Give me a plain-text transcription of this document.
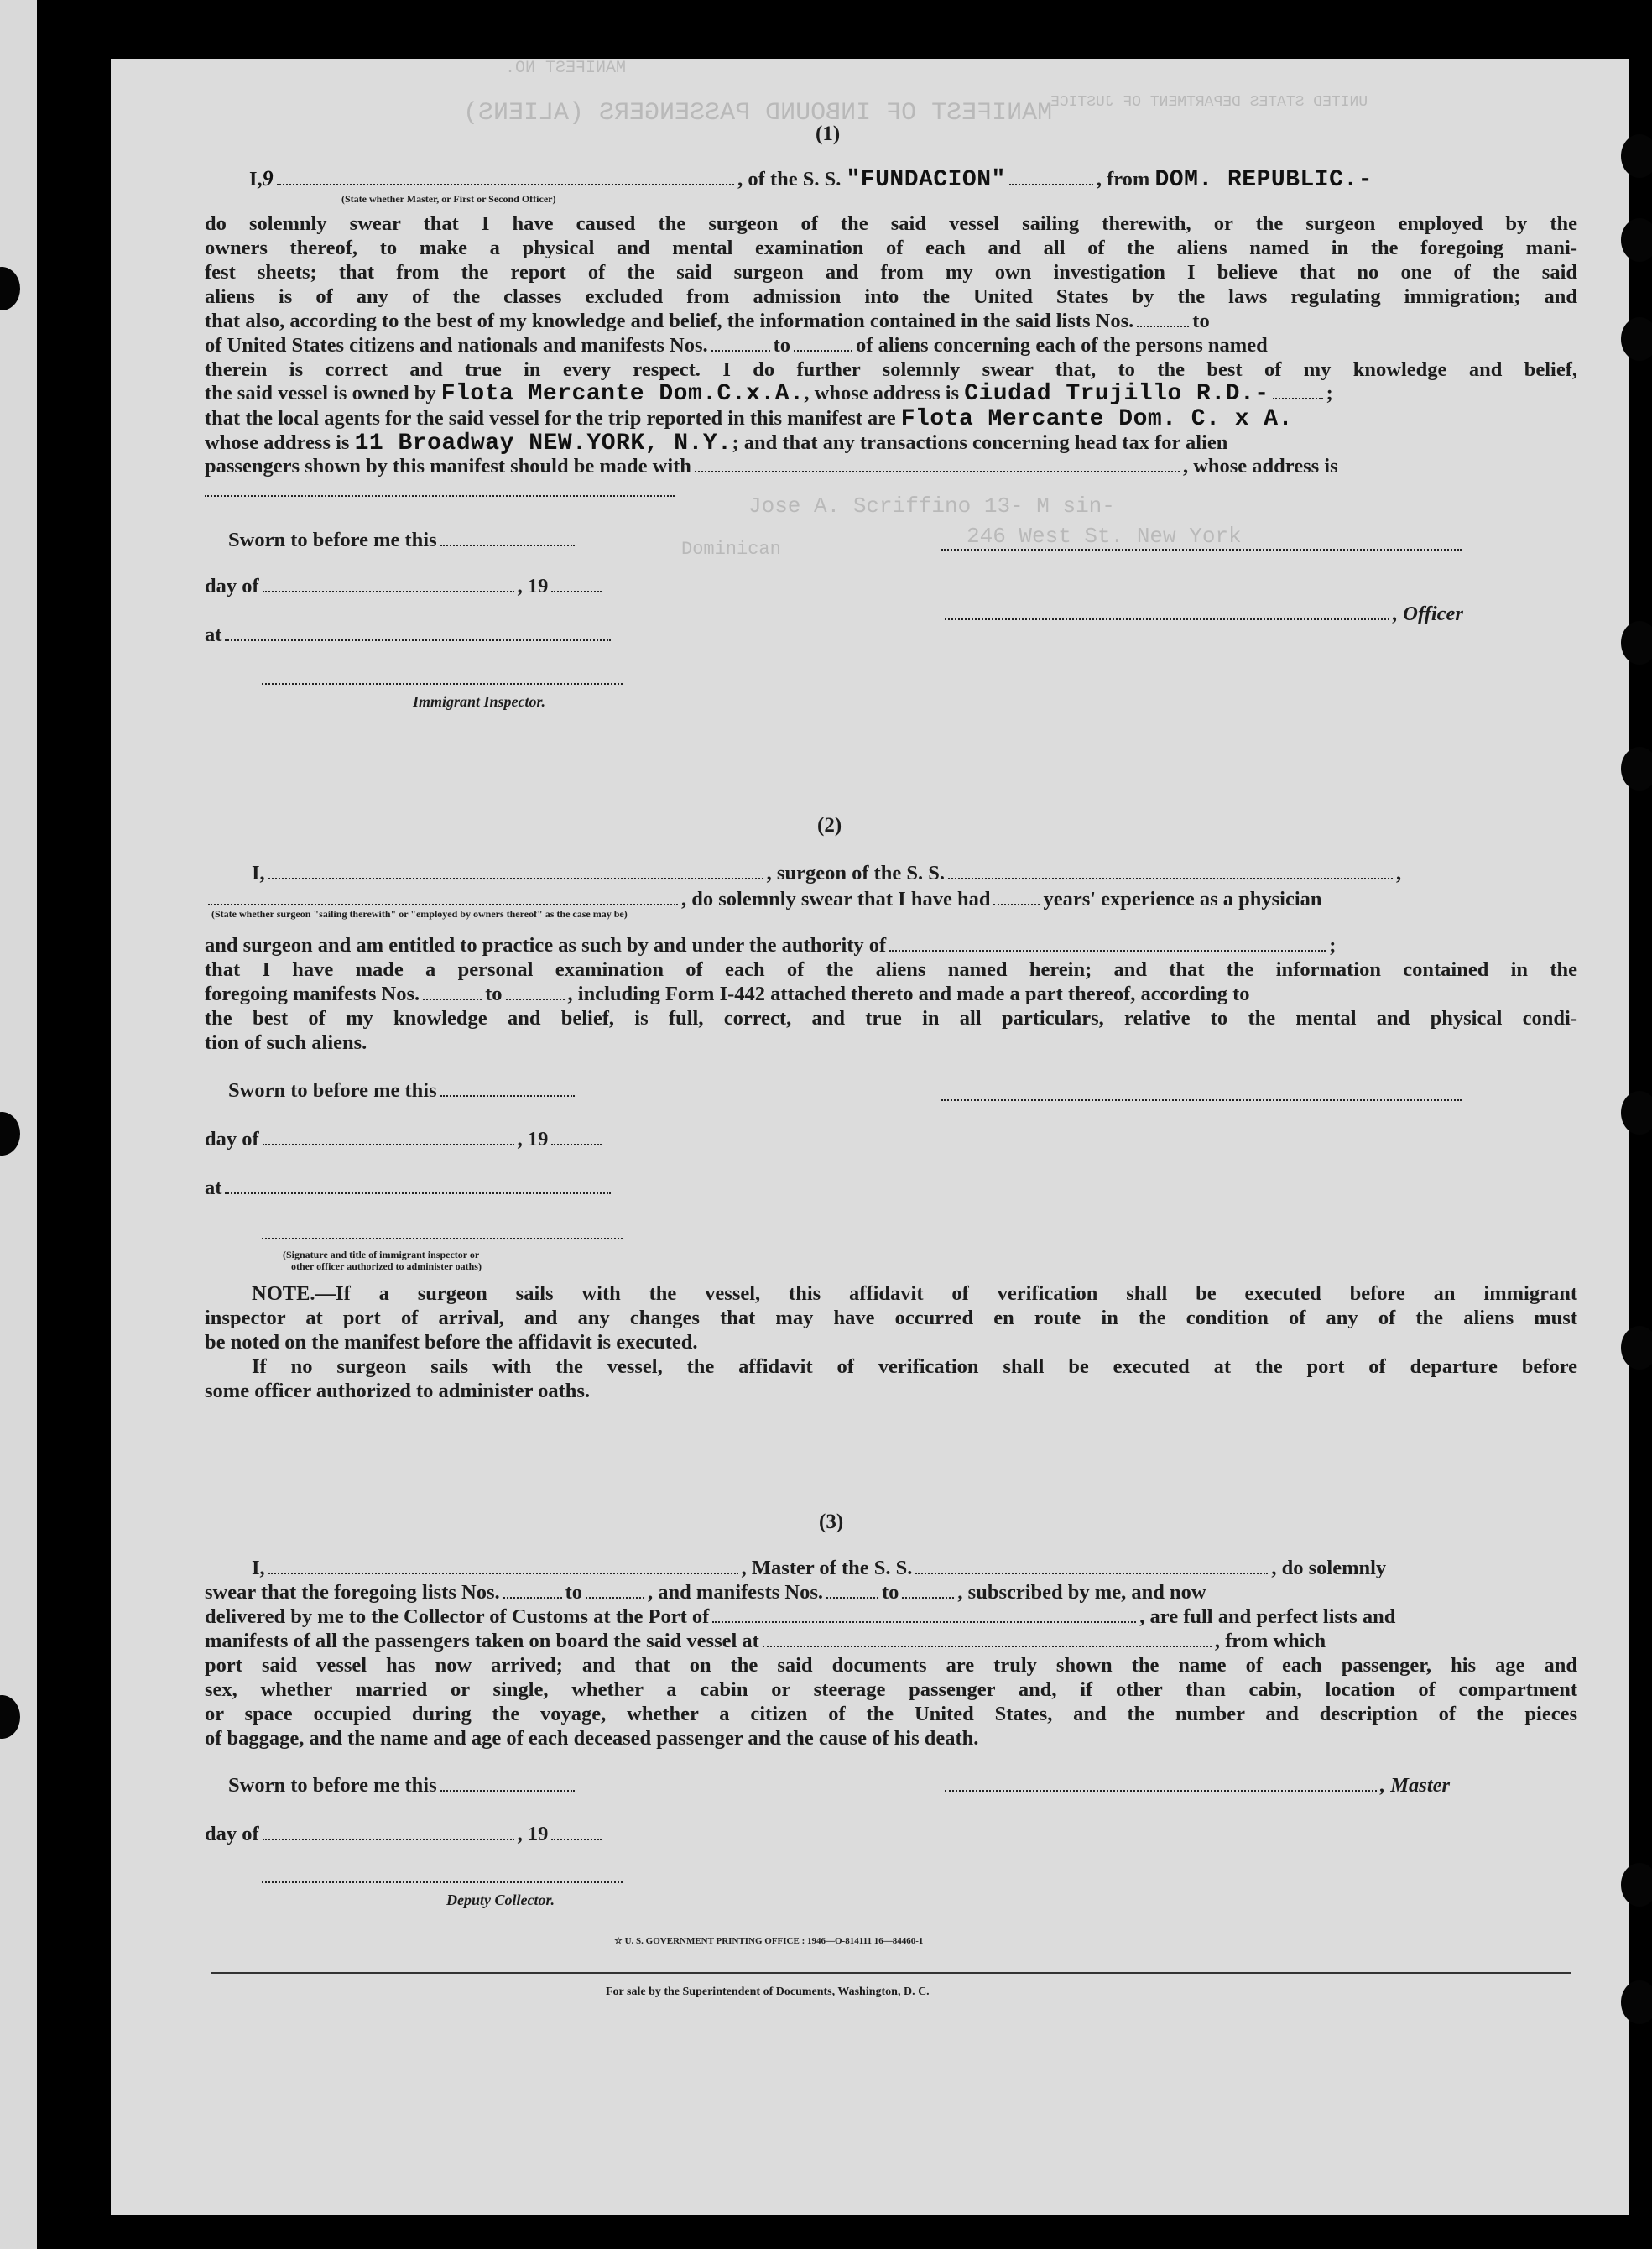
MANIFEST OF INBOUND PASSENGERS (ALIENS)
MANIFEST NO.
UNITED STATES DEPARTMENT OF JUSTICE
Jose A. Scriffino 13- M sin-
246 West St. New York
Dominican
(1)
I,9	, of the S. S. "FUNDACION"	, from DOM. REPUBLIC.-
(State whether Master, or First or Second Officer)
do solemnly swear that I have caused the surgeon of the said vessel sailing therewith, or the surgeon employed by the
owners thereof, to make a physical and mental examination of each and all of the aliens named in the foregoing mani-
fest sheets; that from the report of the said surgeon and from my own investigation I believe that no one of the said
aliens is of any of the classes excluded from admission into the United States by the laws regulating immigration; and
that also, according to the best of my knowledge and belief, the information contained in the said lists Nos.	to
of United States citizens and nationals and manifests Nos.	to	of aliens concerning each of the persons named
therein is correct and true in every respect. I do further solemnly swear that, to the best of my knowledge and belief,
the said vessel is owned by Flota Mercante Dom.C.x.A., whose address is Ciudad Trujillo R.D.-	;
that the local agents for the said vessel for the trip reported in this manifest are Flota Mercante Dom. C. x A.
whose address is 11 Broadway NEW.YORK, N.Y.; and that any transactions concerning head tax for alien
passengers shown by this manifest should be made with	, whose address is
Sworn to before me this
day of	, 19
at
, Officer
Immigrant Inspector.
(2)
I,	, surgeon of the S. S.	,
, do solemnly swear that I have had	years' experience as a physician
(State whether surgeon "sailing therewith" or "employed by owners thereof" as the case may be)
and surgeon and am entitled to practice as such by and under the authority of	;
that I have made a personal examination of each of the aliens named herein; and that the information contained in the
foregoing manifests Nos.	to	, including Form I-442 attached thereto and made a part thereof, according to
the best of my knowledge and belief, is full, correct, and true in all particulars, relative to the mental and physical condi-
tion of such aliens.
Sworn to before me this
day of	, 19
at
(Signature and title of immigrant inspector or
other officer authorized to administer oaths)
NOTE.—If a surgeon sails with the vessel, this affidavit of verification shall be executed before an immigrant
inspector at port of arrival, and any changes that may have occurred en route in the condition of any of the aliens must
be noted on the manifest before the affidavit is executed.
If no surgeon sails with the vessel, the affidavit of verification shall be executed at the port of departure before
some officer authorized to administer oaths.
(3)
I,	, Master of the S. S.	, do solemnly
swear that the foregoing lists Nos.	to	, and manifests Nos.	to	, subscribed by me, and now
delivered by me to the Collector of Customs at the Port of	, are full and perfect lists and
manifests of all the passengers taken on board the said vessel at	, from which
port said vessel has now arrived; and that on the said documents are truly shown the name of each passenger, his age and
sex, whether married or single, whether a cabin or steerage passenger and, if other than cabin, location of compartment
or space occupied during the voyage, whether a citizen of the United States, and the number and description of the pieces
of baggage, and the name and age of each deceased passenger and the cause of his death.
Sworn to before me this	, Master
day of	, 19
Deputy Collector.
☆ U. S. GOVERNMENT PRINTING OFFICE : 1946—O-814111 16—84460-1
For sale by the Superintendent of Documents, Washington, D. C.
